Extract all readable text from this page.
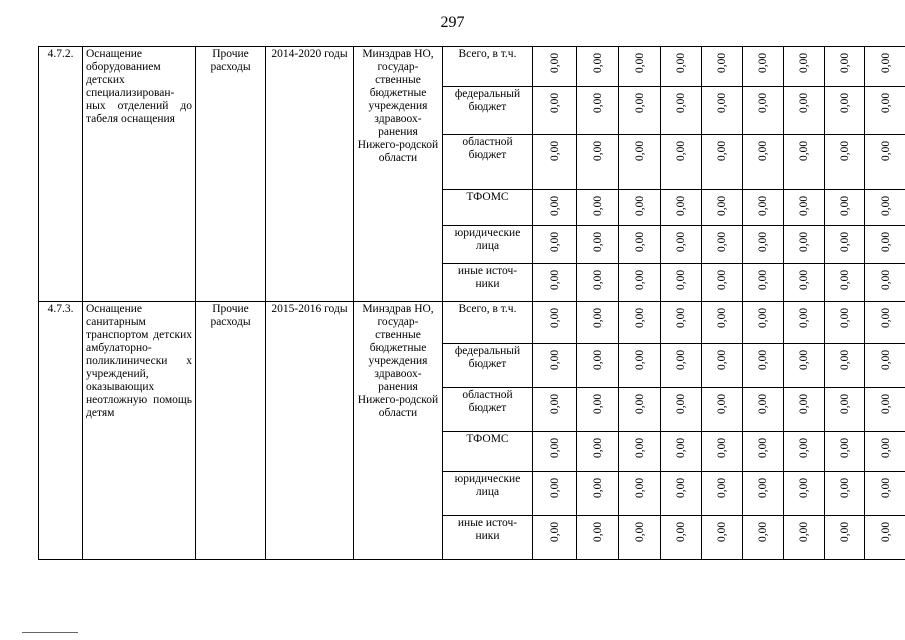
297
4.7.2.	Оснащение оборудованием детских специализирован-ных отделений до табеля оснащения	Прочие расходы	2014-2020 годы	Минздрав НО, государ-ственные бюджетные учреждения здравоох-ранения Нижего-родской области	Всего, в т.ч.	0,00	0,00	0,00	0,00	0,00	0,00	0,00	0,00	0,00

					федеральный бюджет	0,00	0,00	0,00	0,00	0,00	0,00	0,00	0,00	0,00

					областной бюджет	0,00	0,00	0,00	0,00	0,00	0,00	0,00	0,00	0,00

					ТФОМС	0,00	0,00	0,00	0,00	0,00	0,00	0,00	0,00	0,00

					юридические лица	0,00	0,00	0,00	0,00	0,00	0,00	0,00	0,00	0,00

					иные источ-ники	0,00	0,00	0,00	0,00	0,00	0,00	0,00	0,00	0,00

4.7.3.	Оснащение санитарным транспортом детских амбулаторно-поликлинически х учреждений, оказывающих неотложную помощь детям	Прочие расходы	2015-2016 годы	Минздрав НО, государ-ственные бюджетные учреждения здравоох-ранения Нижего-родской области	Всего, в т.ч.	0,00	0,00	0,00	0,00	0,00	0,00	0,00	0,00	0,00

					федеральный бюджет	0,00	0,00	0,00	0,00	0,00	0,00	0,00	0,00	0,00

					областной бюджет	0,00	0,00	0,00	0,00	0,00	0,00	0,00	0,00	0,00

					ТФОМС	0,00	0,00	0,00	0,00	0,00	0,00	0,00	0,00	0,00

					юридические лица	0,00	0,00	0,00	0,00	0,00	0,00	0,00	0,00	0,00

					иные источ-ники	0,00	0,00	0,00	0,00	0,00	0,00	0,00	0,00	0,00
